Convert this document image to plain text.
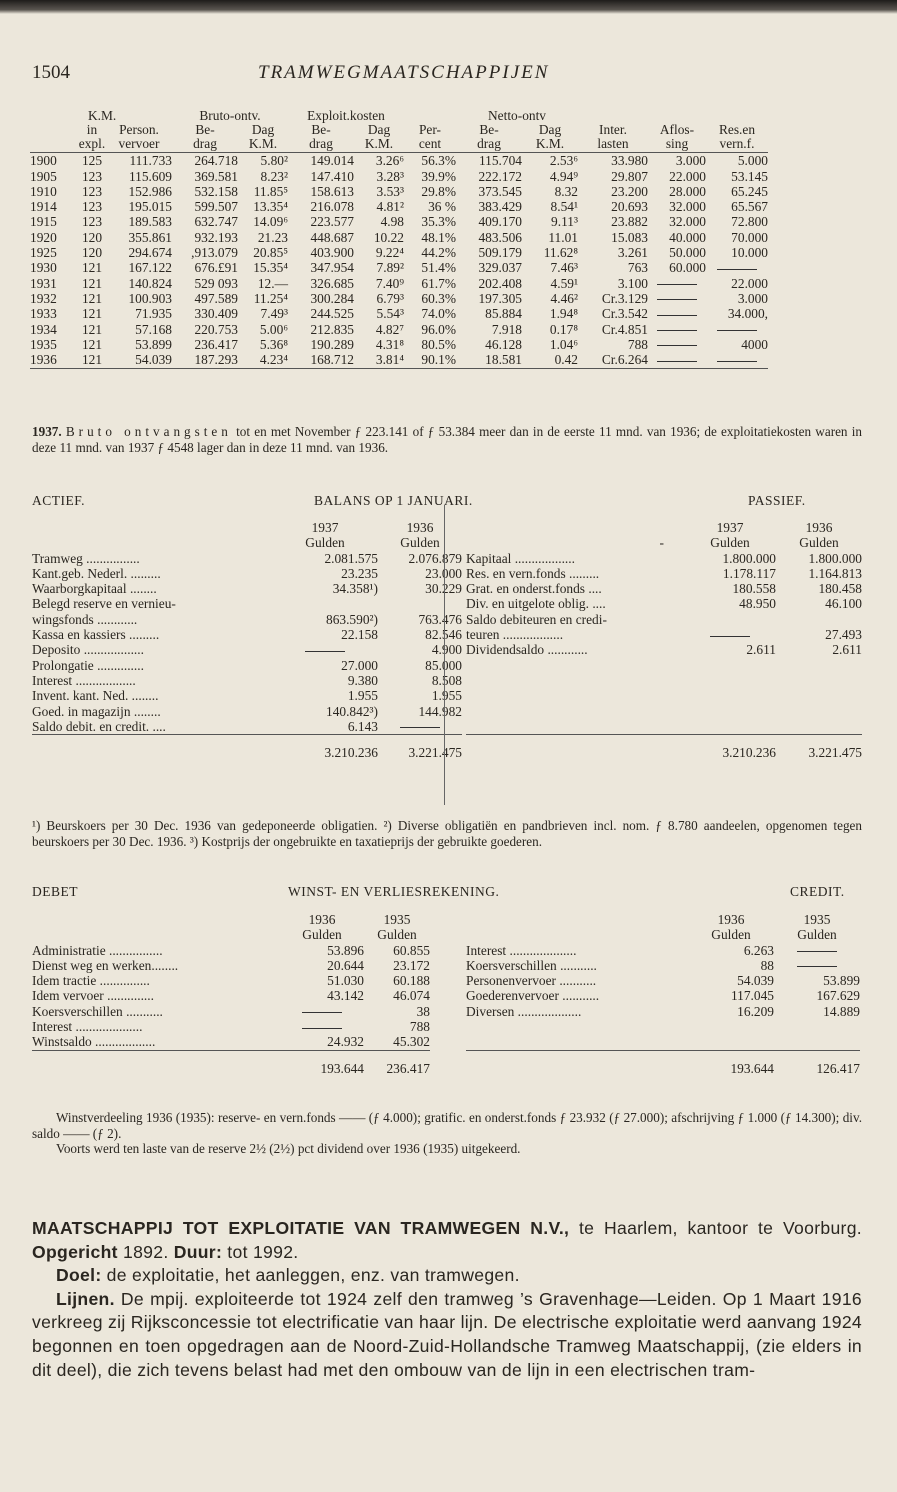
1504	TRAMWEGMAATSCHAPPIJEN
	K.M.		Bruto-ontv.		Exploit.kosten			Netto-ontv				
	in	Person.	Be-	Dag	Be-	Dag	Per-	Be-	Dag	Inter.	Aflos-	Res.en
	expl.	vervoer	drag	K.M.	drag	K.M.	cent	drag	K.M.	lasten	sing	vern.f.

1900	125	111.733	264.718	5.80²	149.014	3.26⁶	56.3%	115.704	2.53⁶	33.980	3.000	5.000
1905	123	115.609	369.581	8.23²	147.410	3.28³	39.9%	222.172	4.94⁹	29.807	22.000	53.145
1910	123	152.986	532.158	11.85⁵	158.613	3.53³	29.8%	373.545	8.32	23.200	28.000	65.245
1914	123	195.015	599.507	13.35⁴	216.078	4.81²	36 %	383.429	8.54¹	20.693	32.000	65.567
1915	123	189.583	632.747	14.09⁶	223.577	4.98	35.3%	409.170	9.11³	23.882	32.000	72.800
1920	120	355.861	932.193	21.23	448.687	10.22	48.1%	483.506	11.01	15.083	40.000	70.000
1925	120	294.674	,913.079	20.85⁵	403.900	9.22⁴	44.2%	509.179	11.62⁸	3.261	50.000	10.000
1930	121	167.122	676.£91	15.35⁴	347.954	7.89²	51.4%	329.037	7.46³	763	60.000	
1931	121	140.824	529 093	12.—	326.685	7.40⁹	61.7%	202.408	4.59¹	3.100		22.000
1932	121	100.903	497.589	11.25⁴	300.284	6.79³	60.3%	197.305	4.46²	Cr.3.129		3.000
1933	121	71.935	330.409	7.49³	244.525	5.54³	74.0%	85.884	1.94⁸	Cr.3.542		34.000,
1934	121	57.168	220.753	5.00⁶	212.835	4.82⁷	96.0%	7.918	0.17⁸	Cr.4.851		
1935	121	53.899	236.417	5.36⁸	190.289	4.31⁸	80.5%	46.128	1.04⁶	788		4000
1936	121	54.039	187.293	4.23⁴	168.712	3.81⁴	90.1%	18.581	0.42	Cr.6.264		

1937. Bruto ontvangsten tot en met November ƒ 223.141 of ƒ 53.384 meer dan in de eerste 11 mnd. van 1936; de exploitatiekosten waren in deze 11 mnd. van 1937 ƒ 4548 lager dan in deze 11 mnd. van 1936.
ACTIEF.	BALANS OP 1 JANUARI.	PASSIEF.
	1937	1936
	Gulden	Gulden
Tramweg ................	2.081.575	2.076.879
Kant.geb. Nederl. .........	23.235	23.000
Waarborgkapitaal ........	34.358¹)	30.229
Belegd reserve en vernieu-		
wingsfonds ............	863.590²)	763.476
Kassa en kassiers .........	22.158	82.546
Deposito ..................		4.900
Prolongatie ..............	27.000	85.000
Interest ..................	9.380	8.508
Invent. kant. Ned. ........	1.955	1.955
Goed. in magazijn ........	140.842³)	144.982
Saldo debit. en credit. ....	6.143	
	3.210.236	3.221.475
	1937	1936
-	Gulden	Gulden
Kapitaal ..................	1.800.000	1.800.000
Res. en vern.fonds .........	1.178.117	1.164.813
Grat. en onderst.fonds ....	180.558	180.458
Div. en uitgelote oblig. ....	48.950	46.100
Saldo debiteuren en credi-		
teuren ..................		27.493
Dividendsaldo ............	2.611	2.611

	3.210.236	3.221.475
¹) Beurskoers per 30 Dec. 1936 van gedeponeerde obligatien. ²) Diverse obligatiën en pandbrieven incl. nom. ƒ 8.780 aandeelen, opgenomen tegen beurskoers per 30 Dec. 1936. ³) Kostprijs der ongebruikte en taxatieprijs der gebruikte goederen.
DEBET	WINST- EN VERLIESREKENING.	CREDIT.
	1936	1935
	Gulden	Gulden
Administratie ................	53.896	60.855
Dienst weg en werken........	20.644	23.172
Idem tractie ...............	51.030	60.188
Idem vervoer ..............	43.142	46.074
Koersverschillen ...........		38
Interest ....................		788
Winstsaldo ..................	24.932	45.302
	193.644	236.417
	1936	1935
	Gulden	Gulden
Interest ....................	6.263	
Koersverschillen ...........	88	
Personenvervoer ...........	54.039	53.899
Goederenvervoer ...........	117.045	167.629
Diversen ...................	16.209	14.889

	193.644	126.417
Winstverdeeling 1936 (1935): reserve- en vern.fonds —— (ƒ 4.000); gratific. en onderst.fonds ƒ 23.932 (ƒ 27.000); afschrijving ƒ 1.000 (ƒ 14.300); div. saldo —— (ƒ 2).
Voorts werd ten laste van de reserve 2½ (2½) pct dividend over 1936 (1935) uitgekeerd.

MAATSCHAPPIJ TOT EXPLOITATIE VAN TRAMWEGEN N.V., te Haarlem, kantoor te Voorburg. Opgericht 1892. Duur: tot 1992.

Doel: de exploitatie, het aanleggen, enz. van tramwegen.

Lijnen. De mpij. exploiteerde tot 1924 zelf den tramweg ’s Gravenhage—Leiden. Op 1 Maart 1916 verkreeg zij Rijksconcessie tot electrificatie van haar lijn. De electrische exploitatie werd aanvang 1924 begonnen en toen opgedragen aan de Noord-Zuid-Hollandsche Tramweg Maatschappij, (zie elders in dit deel), die zich tevens belast had met den ombouw van de lijn in een electrischen tram-
